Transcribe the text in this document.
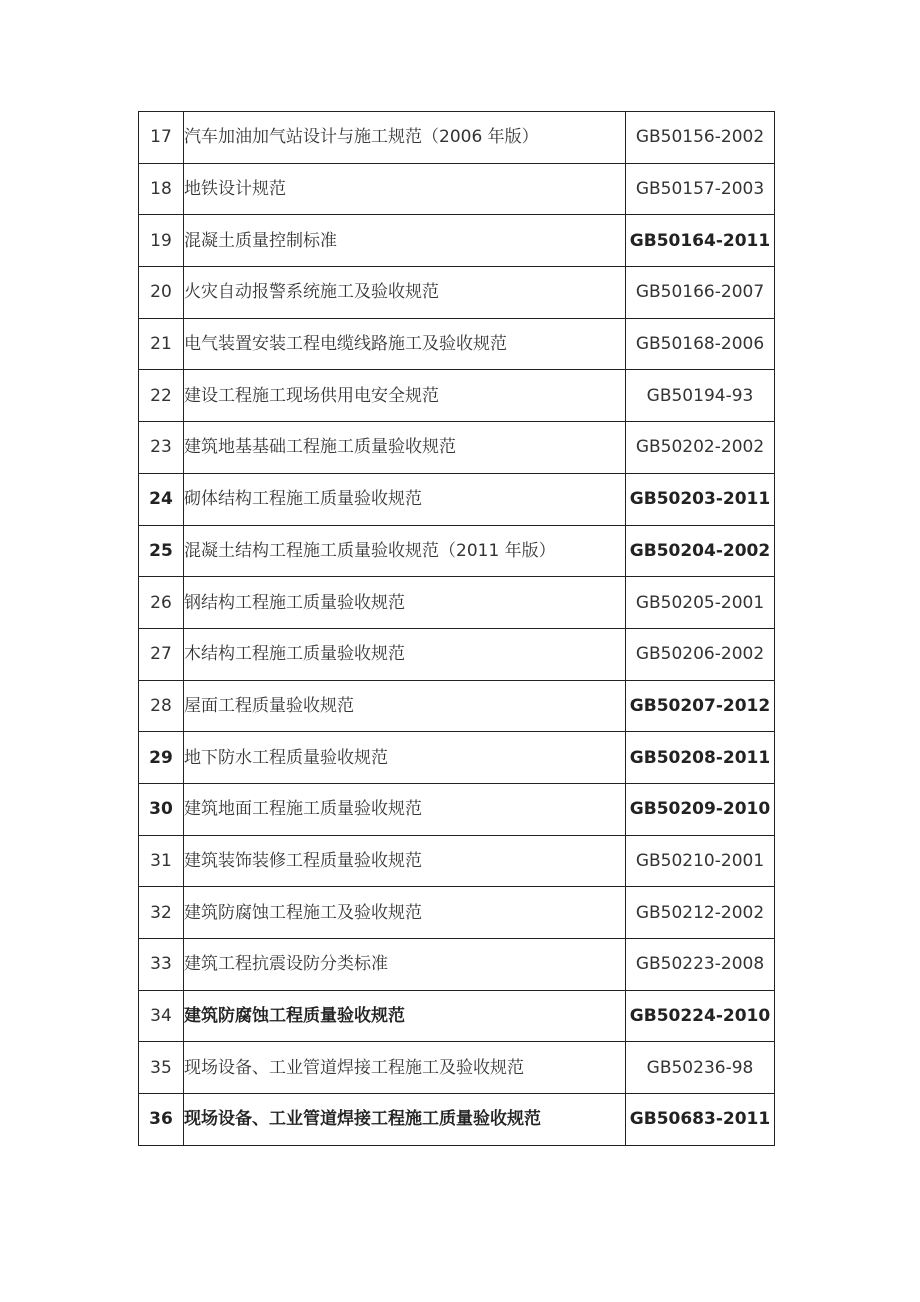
17	汽车加油加气站设计与施工规范（2006 年版）	GB50156-2002
18	地铁设计规范	GB50157-2003
19	混凝土质量控制标准	GB50164-2011
20	火灾自动报警系统施工及验收规范	GB50166-2007
21	电气装置安装工程电缆线路施工及验收规范	GB50168-2006
22	建设工程施工现场供用电安全规范	GB50194-93
23	建筑地基基础工程施工质量验收规范	GB50202-2002
24	砌体结构工程施工质量验收规范	GB50203-2011
25	混凝土结构工程施工质量验收规范（2011 年版）	GB50204-2002
26	钢结构工程施工质量验收规范	GB50205-2001
27	木结构工程施工质量验收规范	GB50206-2002
28	屋面工程质量验收规范	GB50207-2012
29	地下防水工程质量验收规范	GB50208-2011
30	建筑地面工程施工质量验收规范	GB50209-2010
31	建筑装饰装修工程质量验收规范	GB50210-2001
32	建筑防腐蚀工程施工及验收规范	GB50212-2002
33	建筑工程抗震设防分类标准	GB50223-2008
34	建筑防腐蚀工程质量验收规范	GB50224-2010
35	现场设备、工业管道焊接工程施工及验收规范	GB50236-98
36	现场设备、工业管道焊接工程施工质量验收规范	GB50683-2011
